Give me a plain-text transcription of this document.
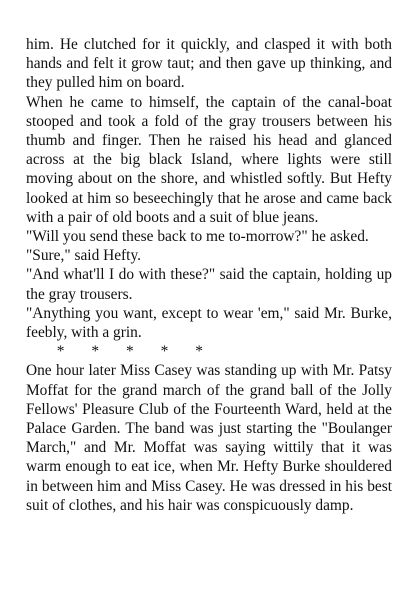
him. He clutched for it quickly, and clasped it with both hands and felt it grow taut; and then gave up thinking, and they pulled him on board.

When he came to himself, the captain of the canal-boat stooped and took a fold of the gray trousers between his thumb and finger. Then he raised his head and glanced across at the big black Island, where lights were still moving about on the shore, and whistled softly. But Hefty looked at him so beseechingly that he arose and came back with a pair of old boots and a suit of blue jeans.

"Will you send these back to me to-morrow?" he asked.

"Sure," said Hefty.

"And what'll I do with these?" said the captain, holding up the gray trousers.

"Anything you want, except to wear 'em," said Mr. Burke, feebly, with a grin.

*       *       *       *       *

One hour later Miss Casey was standing up with Mr. Patsy Moffat for the grand march of the grand ball of the Jolly Fellows' Pleasure Club of the Fourteenth Ward, held at the Palace Garden. The band was just starting the "Boulanger March," and Mr. Moffat was saying wittily that it was warm enough to eat ice, when Mr. Hefty Burke shouldered in between him and Miss Casey. He was dressed in his best suit of clothes, and his hair was conspicuously damp.
